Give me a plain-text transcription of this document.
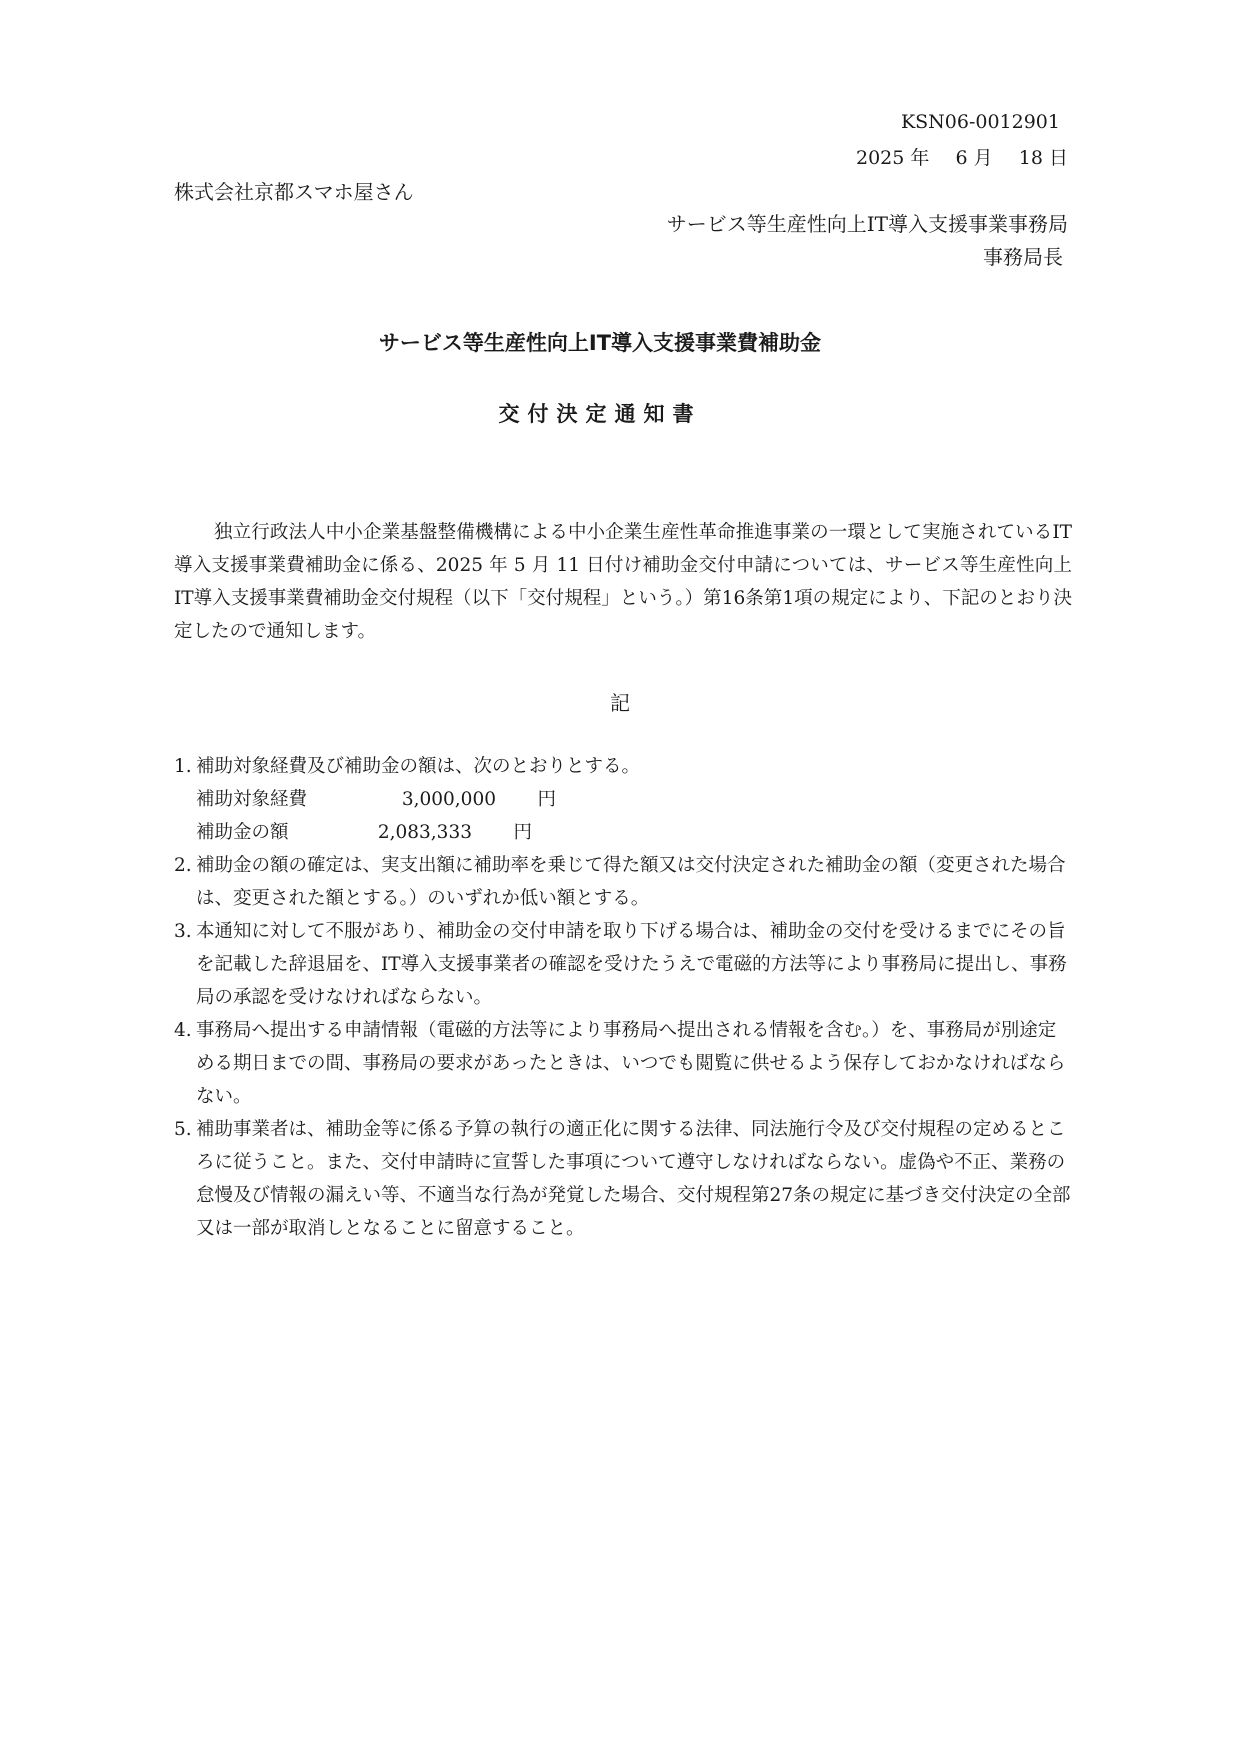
KSN06-0012901
2025 年 6 月 18 日
株式会社京都スマホ屋さん
サービス等生産性向上IT導入支援事業事務局
事務局長
サービス等生産性向上IT導入支援事業費補助金
交付決定通知書
独立行政法人中小企業基盤整備機構による中小企業生産性革命推進事業の一環として実施されているIT導入支援事業費補助金に係る、2025 年 5 月 11 日付け補助金交付申請については、サービス等生産性向上IT導入支援事業費補助金交付規程（以下「交付規程」という。）第16条第1項の規定により、下記のとおり決定したので通知します。
記
1. 補助対象経費及び補助金の額は、次のとおりとする。
補助対象経費	3,000,000 円
補助金の額	2,083,333 円
2. 補助金の額の確定は、実支出額に補助率を乗じて得た額又は交付決定された補助金の額（変更された場合は、変更された額とする。）のいずれか低い額とする。
3. 本通知に対して不服があり、補助金の交付申請を取り下げる場合は、補助金の交付を受けるまでにその旨を記載した辞退届を、IT導入支援事業者の確認を受けたうえで電磁的方法等により事務局に提出し、事務局の承認を受けなければならない。
4. 事務局へ提出する申請情報（電磁的方法等により事務局へ提出される情報を含む。）を、事務局が別途定める期日までの間、事務局の要求があったときは、いつでも閲覧に供せるよう保存しておかなければならない。
5. 補助事業者は、補助金等に係る予算の執行の適正化に関する法律、同法施行令及び交付規程の定めるところに従うこと。また、交付申請時に宣誓した事項について遵守しなければならない。虚偽や不正、業務の怠慢及び情報の漏えい等、不適当な行為が発覚した場合、交付規程第27条の規定に基づき交付決定の全部又は一部が取消しとなることに留意すること。
